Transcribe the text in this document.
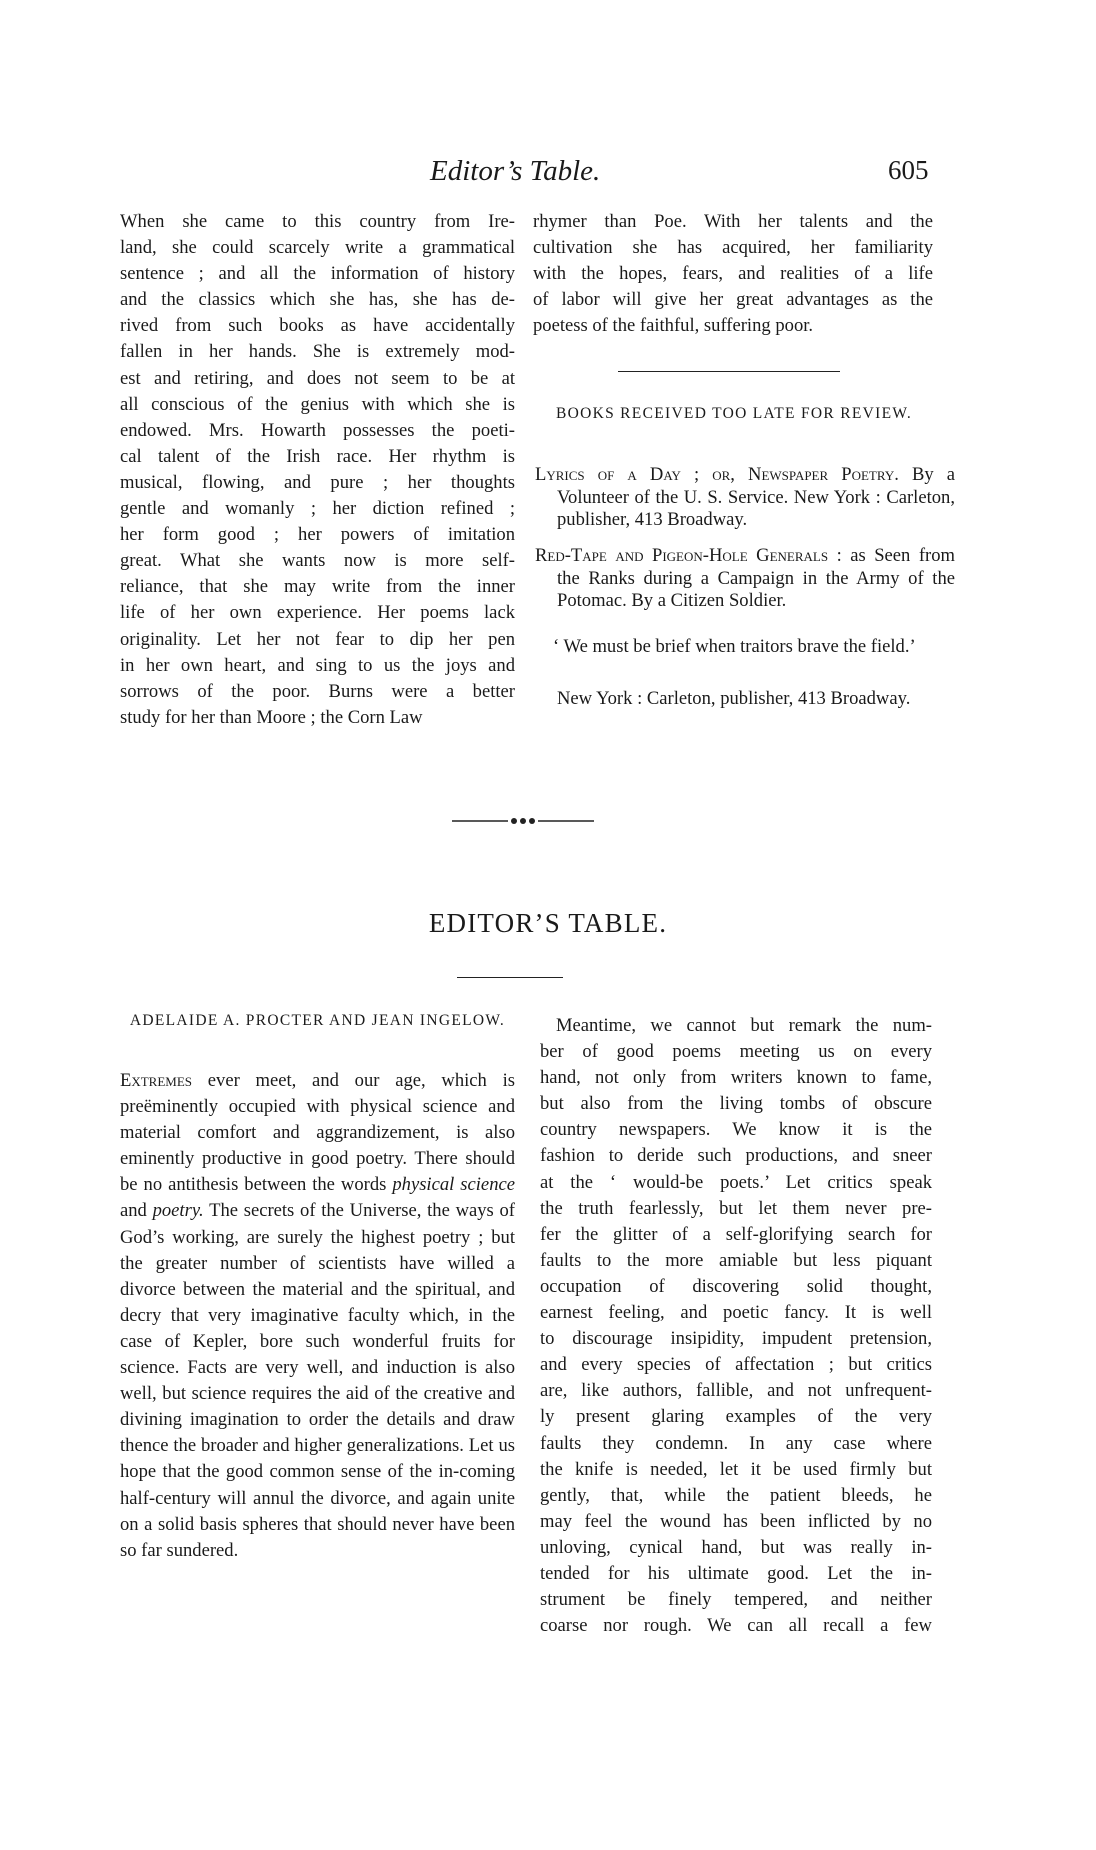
Editor’s Table.	605

When she came to this country from Ire-

land, she could scarcely write a grammatical

sentence ; and all the information of history

and the classics which she has, she has de-

rived from such books as have accidentally

fallen in her hands. She is extremely mod-

est and retiring, and does not seem to be at

all conscious of the genius with which she is

endowed. Mrs. Howarth possesses the poeti-

cal talent of the Irish race. Her rhythm is

musical, flowing, and pure ; her thoughts

gentle and womanly ; her diction refined ;

her form good ; her powers of imitation

great. What she wants now is more self-

reliance, that she may write from the inner

life of her own experience. Her poems lack

originality. Let her not fear to dip her pen

in her own heart, and sing to us the joys and

sorrows of the poor. Burns were a better

study for her than Moore ; the Corn Law

rhymer than Poe. With her talents and the

cultivation she has acquired, her familiarity

with the hopes, fears, and realities of a life

of labor will give her great advantages as the

poetess of the faithful, suffering poor.

BOOKS RECEIVED TOO LATE FOR REVIEW.
Lyrics of a Day ; or, Newspaper Poetry. By a Volunteer of the U. S. Service. New York : Carleton, publisher, 413 Broadway.
Red-Tape and Pigeon-Hole Generals : as Seen from the Ranks during a Campaign in the Army of the Potomac. By a Citizen Soldier.
‘ We must be brief when traitors brave the field.’
New York : Carleton, publisher, 413 Broadway.
EDITOR’S TABLE.
ADELAIDE A. PROCTER AND JEAN INGELOW.

Extremes ever meet, and our age, which is preëminently occupied with physical science and material comfort and aggrandizement, is also eminently productive in good poetry. There should be no antithesis between the words physical science and poetry. The secrets of the Universe, the ways of God’s working, are surely the highest poetry ; but the greater number of scientists have willed a divorce between the material and the spiritual, and decry that very imaginative faculty which, in the case of Kepler, bore such wonderful fruits for science. Facts are very well, and induction is also well, but science requires the aid of the creative and divining imagination to order the details and draw thence the broader and higher generalizations. Let us hope that the good common sense of the in-coming half-century will annul the divorce, and again unite on a solid basis spheres that should never have been so far sundered.

Meantime, we cannot but remark the num-

ber of good poems meeting us on every

hand, not only from writers known to fame,

but also from the living tombs of obscure

country newspapers. We know it is the

fashion to deride such productions, and sneer

at the ‘ would-be poets.’ Let critics speak

the truth fearlessly, but let them never pre-

fer the glitter of a self-glorifying search for

faults to the more amiable but less piquant

occupation of discovering solid thought,

earnest feeling, and poetic fancy. It is well

to discourage insipidity, impudent pretension,

and every species of affectation ; but critics

are, like authors, fallible, and not unfrequent-

ly present glaring examples of the very

faults they condemn. In any case where

the knife is needed, let it be used firmly but

gently, that, while the patient bleeds, he

may feel the wound has been inflicted by no

unloving, cynical hand, but was really in-

tended for his ultimate good. Let the in-

strument be finely tempered, and neither

coarse nor rough. We can all recall a few
